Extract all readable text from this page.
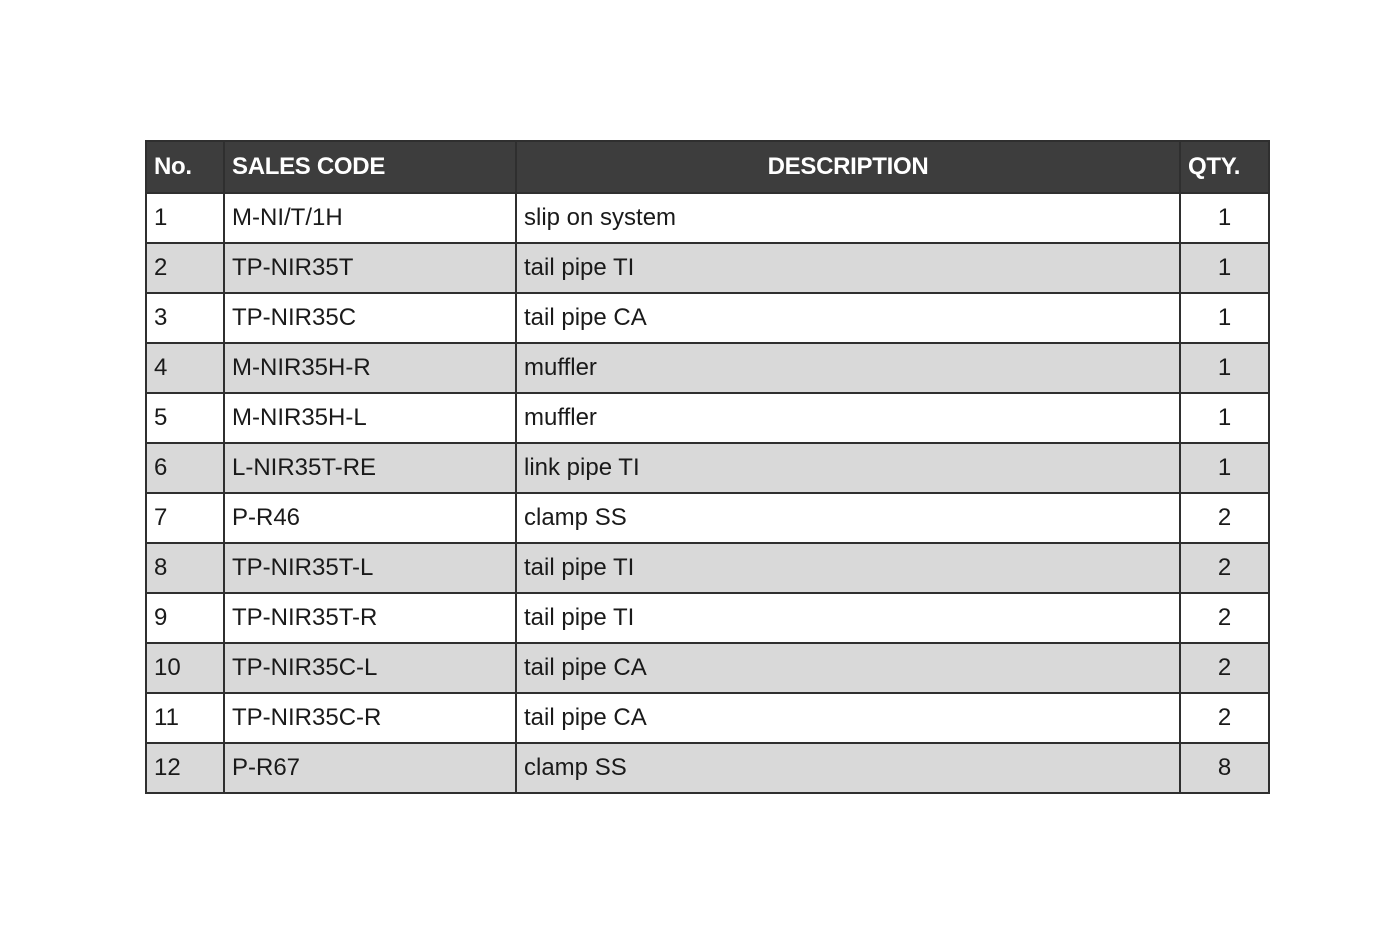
No.	SALES CODE	DESCRIPTION	QTY.
1	M-NI/T/1H	slip on system	1
2	TP-NIR35T	tail pipe TI	1
3	TP-NIR35C	tail pipe CA	1
4	M-NIR35H-R	muffler	1
5	M-NIR35H-L	muffler	1
6	L-NIR35T-RE	link pipe TI	1
7	P-R46	clamp SS	2
8	TP-NIR35T-L	tail pipe TI	2
9	TP-NIR35T-R	tail pipe TI	2
10	TP-NIR35C-L	tail pipe CA	2
11	TP-NIR35C-R	tail pipe CA	2
12	P-R67	clamp SS	8
